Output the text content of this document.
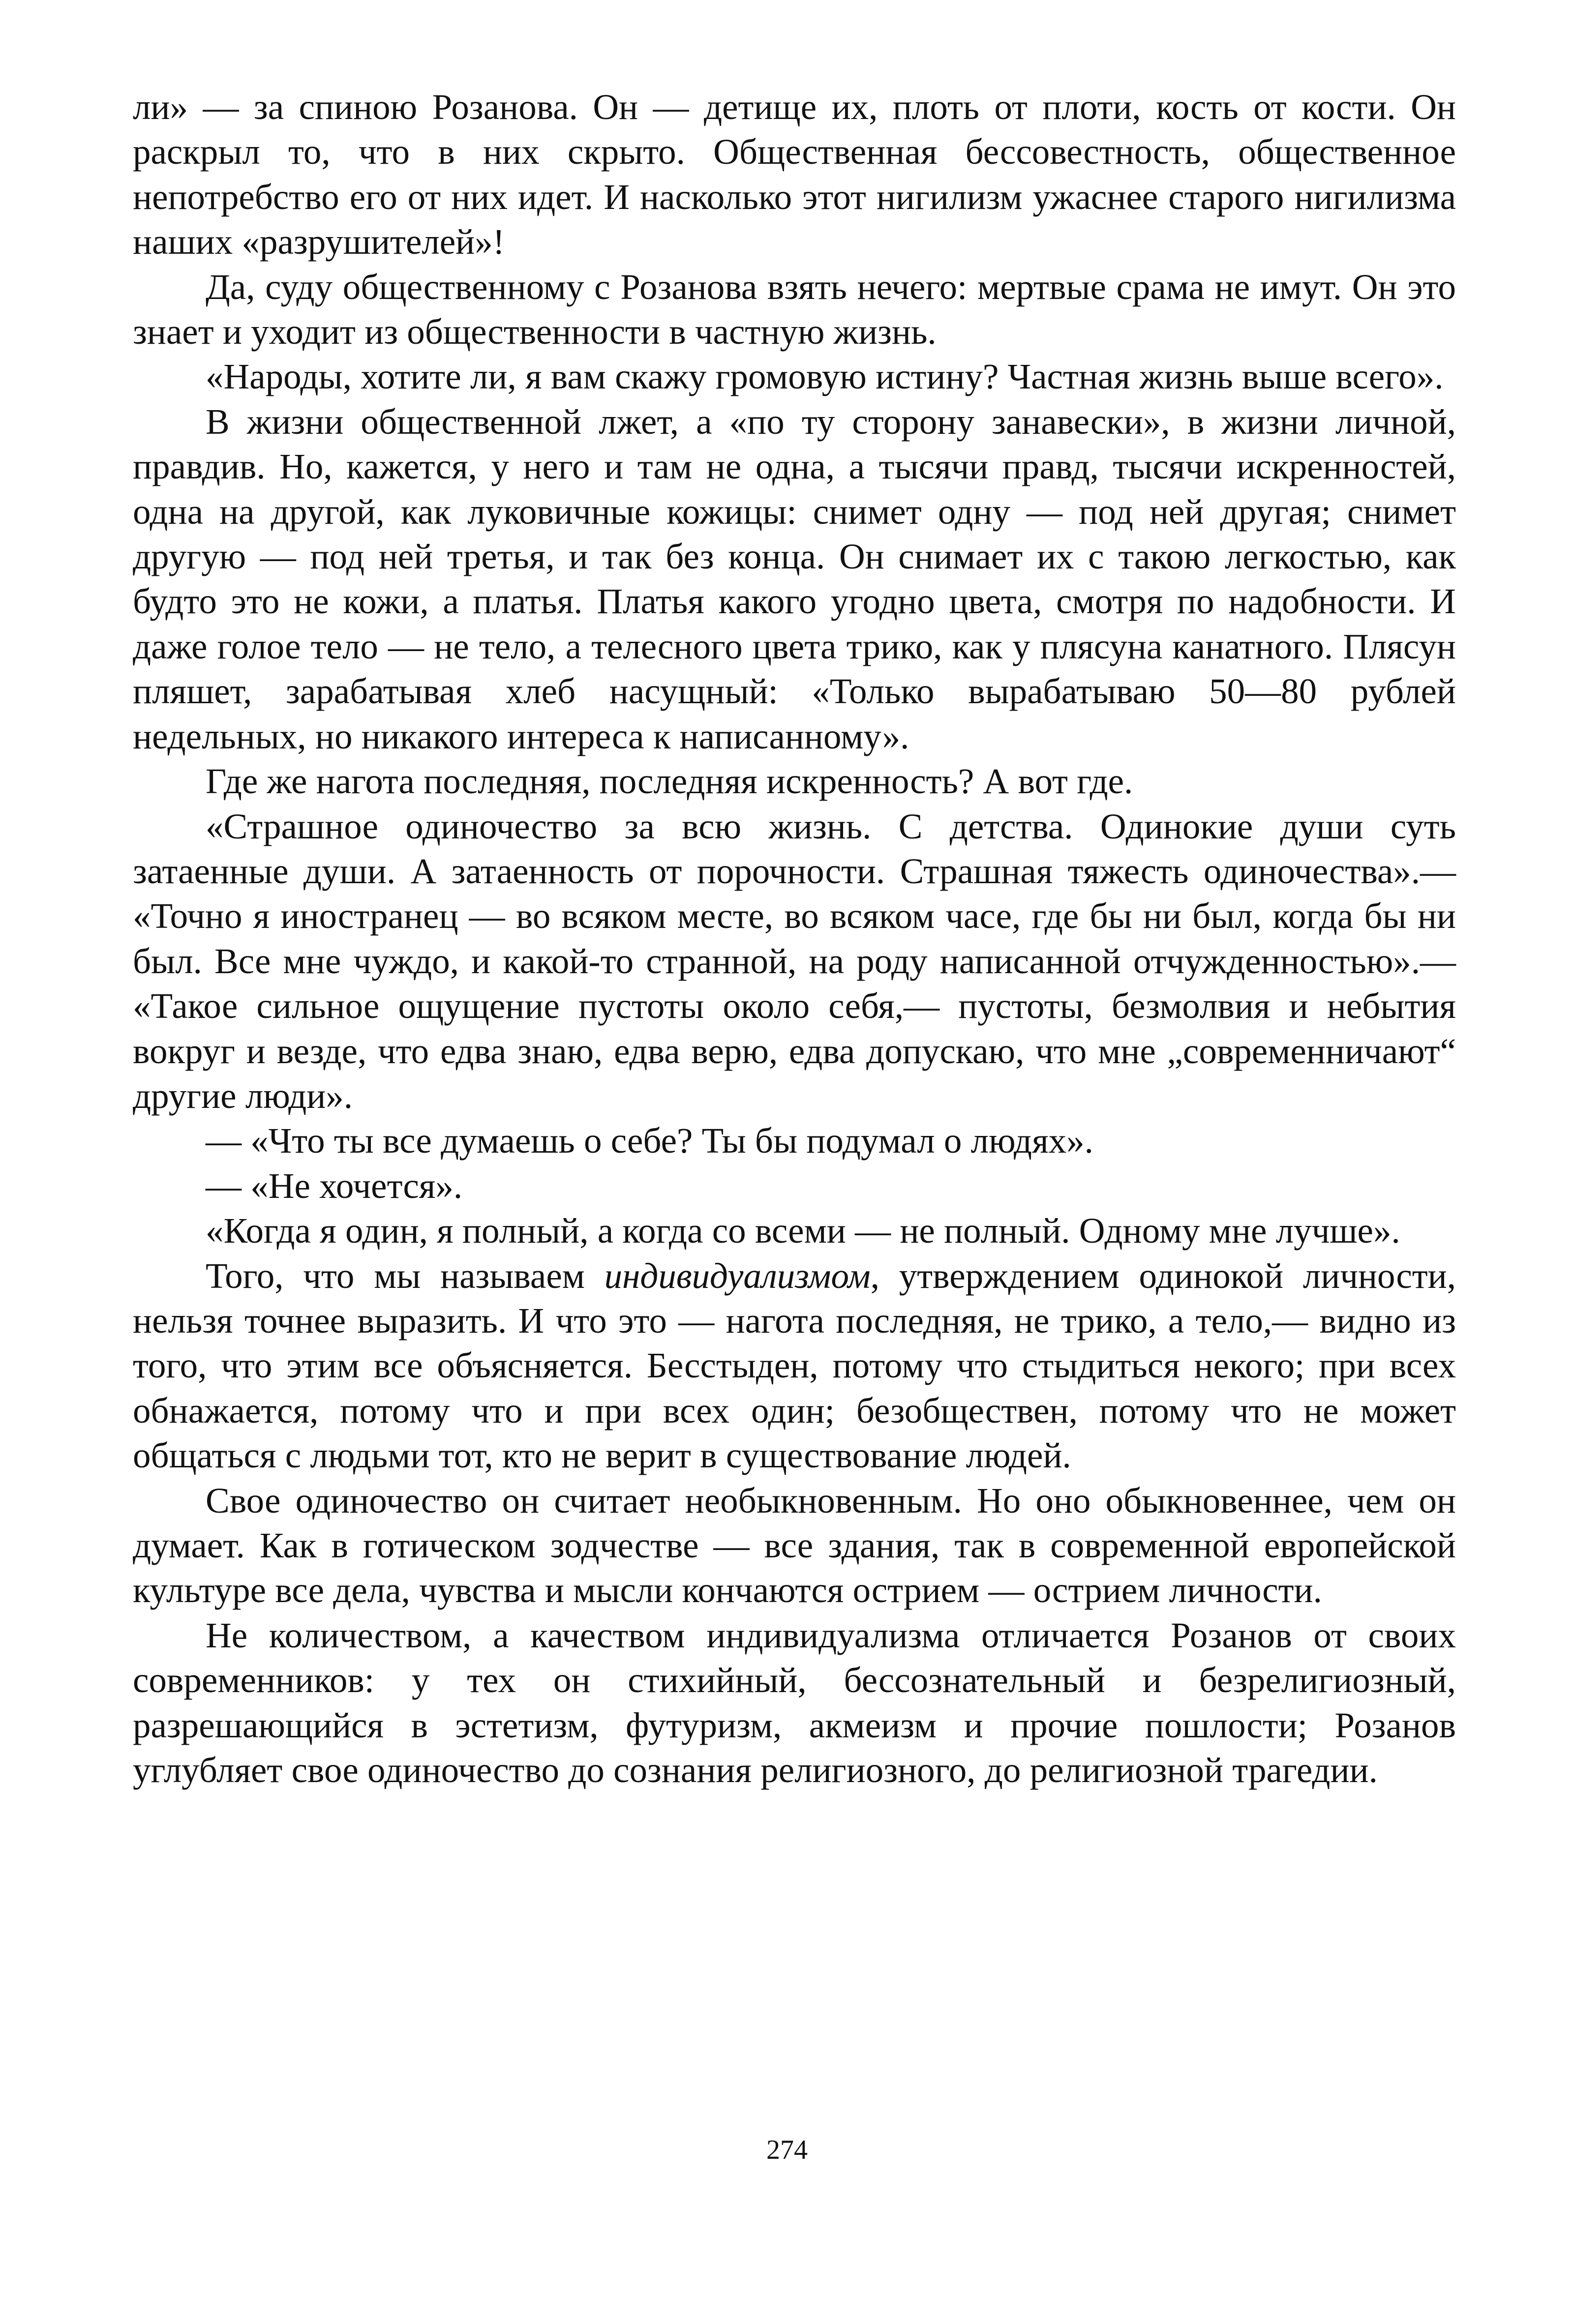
ли» — за спиною Розанова. Он — детище их, плоть от плоти, кость от кости. Он раскрыл то, что в них скрыто. Общественная бессовестность, общественное непотребство его от них идет. И насколько этот нигилизм ужаснее старого нигилизма наших «разрушителей»!

Да, суду общественному с Розанова взять нечего: мертвые срама не имут. Он это знает и уходит из общественности в частную жизнь.

«Народы, хотите ли, я вам скажу громовую истину? Частная жизнь выше всего».

В жизни общественной лжет, а «по ту сторону занавески», в жизни личной, правдив. Но, кажется, у него и там не одна, а тысячи правд, тысячи искренностей, одна на другой, как луковичные кожицы: снимет одну — под ней другая; снимет другую — под ней третья, и так без конца. Он снимает их с такою легкостью, как будто это не кожи, а платья. Платья какого угодно цвета, смотря по надобности. И даже голое тело — не тело, а телесного цвета трико, как у плясуна канатного. Плясун пляшет, зарабатывая хлеб насущный: «Только вырабатываю 50—80 рублей недельных, но никакого интереса к написанному».

Где же нагота последняя, последняя искренность? А вот где.

«Страшное одиночество за всю жизнь. С детства. Одинокие души суть затаенные души. А затаенность от порочности. Страшная тяжесть одиночества».— «Точно я иностранец — во всяком месте, во всяком часе, где бы ни был, когда бы ни был. Все мне чуждо, и какой-то странной, на роду написанной отчужденностью».— «Такое сильное ощущение пустоты около себя,— пустоты, безмолвия и небытия вокруг и везде, что едва знаю, едва верю, едва допускаю, что мне „современничают“ другие люди».

— «Что ты все думаешь о себе? Ты бы подумал о людях».

— «Не хочется».

«Когда я один, я полный, а когда со всеми — не полный. Одному мне лучше».

Того, что мы называем индивидуализмом, утверждением одинокой личности, нельзя точнее выразить. И что это — нагота последняя, не трико, а тело,— видно из того, что этим все объясняется. Бесстыден, потому что стыдиться некого; при всех обнажается, потому что и при всех один; безобществен, потому что не может общаться с людьми тот, кто не верит в существование людей.

Свое одиночество он считает необыкновенным. Но оно обыкновеннее, чем он думает. Как в готическом зодчестве — все здания, так в современной европейской культуре все дела, чувства и мысли кончаются острием — острием личности.

Не количеством, а качеством индивидуализма отличается Розанов от своих современников: у тех он стихийный, бессознательный и безрелигиозный, разрешающийся в эстетизм, футуризм, акмеизм и прочие пошлости; Розанов углубляет свое одиночество до сознания религиозного, до религиозной трагедии.

274
